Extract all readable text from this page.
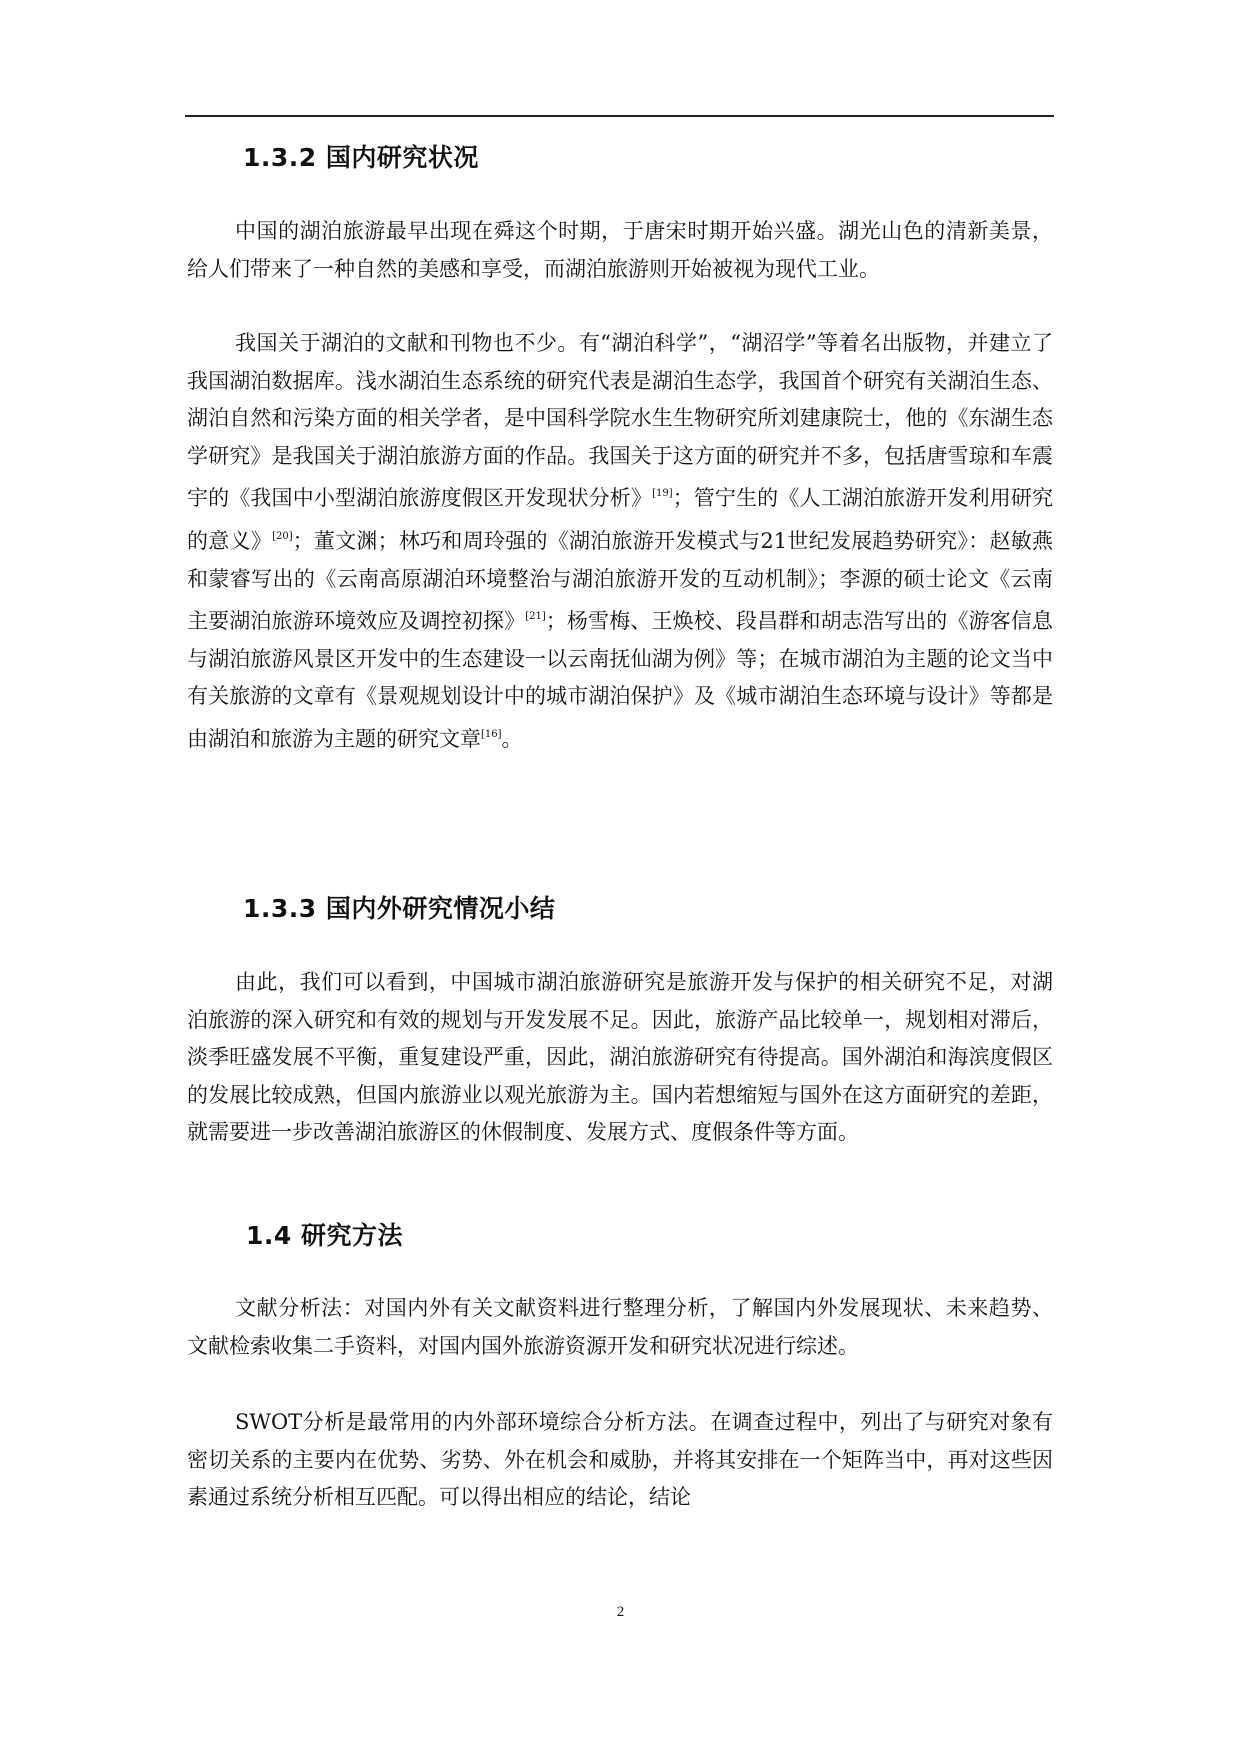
1.3.2 国内研究状况

中国的湖泊旅游最早出现在舜这个时期，于唐宋时期开始兴盛。湖光山色的清新美景，给人们带来了一种自然的美感和享受，而湖泊旅游则开始被视为现代工业。

我国关于湖泊的文献和刊物也不少。有“湖泊科学”，“湖沼学”等着名出版物，并建立了我国湖泊数据库。浅水湖泊生态系统的研究代表是湖泊生态学，我国首个研究有关湖泊生态、湖泊自然和污染方面的相关学者，是中国科学院水生生物研究所刘建康院士，他的《东湖生态学研究》是我国关于湖泊旅游方面的作品。我国关于这方面的研究并不多，包括唐雪琼和车震宇的《我国中小型湖泊旅游度假区开发现状分析》[19]；管宁生的《人工湖泊旅游开发利用研究的意义》[20]；董文渊；林巧和周玲强的《湖泊旅游开发模式与21世纪发展趋势研究》：赵敏燕和蒙睿写出的《云南高原湖泊环境整治与湖泊旅游开发的互动机制》；李源的硕士论文《云南主要湖泊旅游环境效应及调控初探》[21]；杨雪梅、王焕校、段昌群和胡志浩写出的《游客信息与湖泊旅游风景区开发中的生态建设一以云南抚仙湖为例》等；在城市湖泊为主题的论文当中有关旅游的文章有《景观规划设计中的城市湖泊保护》及《城市湖泊生态环境与设计》等都是由湖泊和旅游为主题的研究文章[16]。

1.3.3 国内外研究情况小结

由此，我们可以看到，中国城市湖泊旅游研究是旅游开发与保护的相关研究不足，对湖泊旅游的深入研究和有效的规划与开发发展不足。因此，旅游产品比较单一，规划相对滞后，淡季旺盛发展不平衡，重复建设严重，因此，湖泊旅游研究有待提高。国外湖泊和海滨度假区的发展比较成熟，但国内旅游业以观光旅游为主。国内若想缩短与国外在这方面研究的差距，就需要进一步改善湖泊旅游区的休假制度、发展方式、度假条件等方面。

1.4 研究方法

文献分析法：对国内外有关文献资料进行整理分析，了解国内外发展现状、未来趋势、文献检索收集二手资料，对国内国外旅游资源开发和研究状况进行综述。

SWOT分析是最常用的内外部环境综合分析方法。在调查过程中，列出了与研究对象有密切关系的主要内在优势、劣势、外在机会和威胁，并将其安排在一个矩阵当中，再对这些因素通过系统分析相互匹配。可以得出相应的结论，结论

2
